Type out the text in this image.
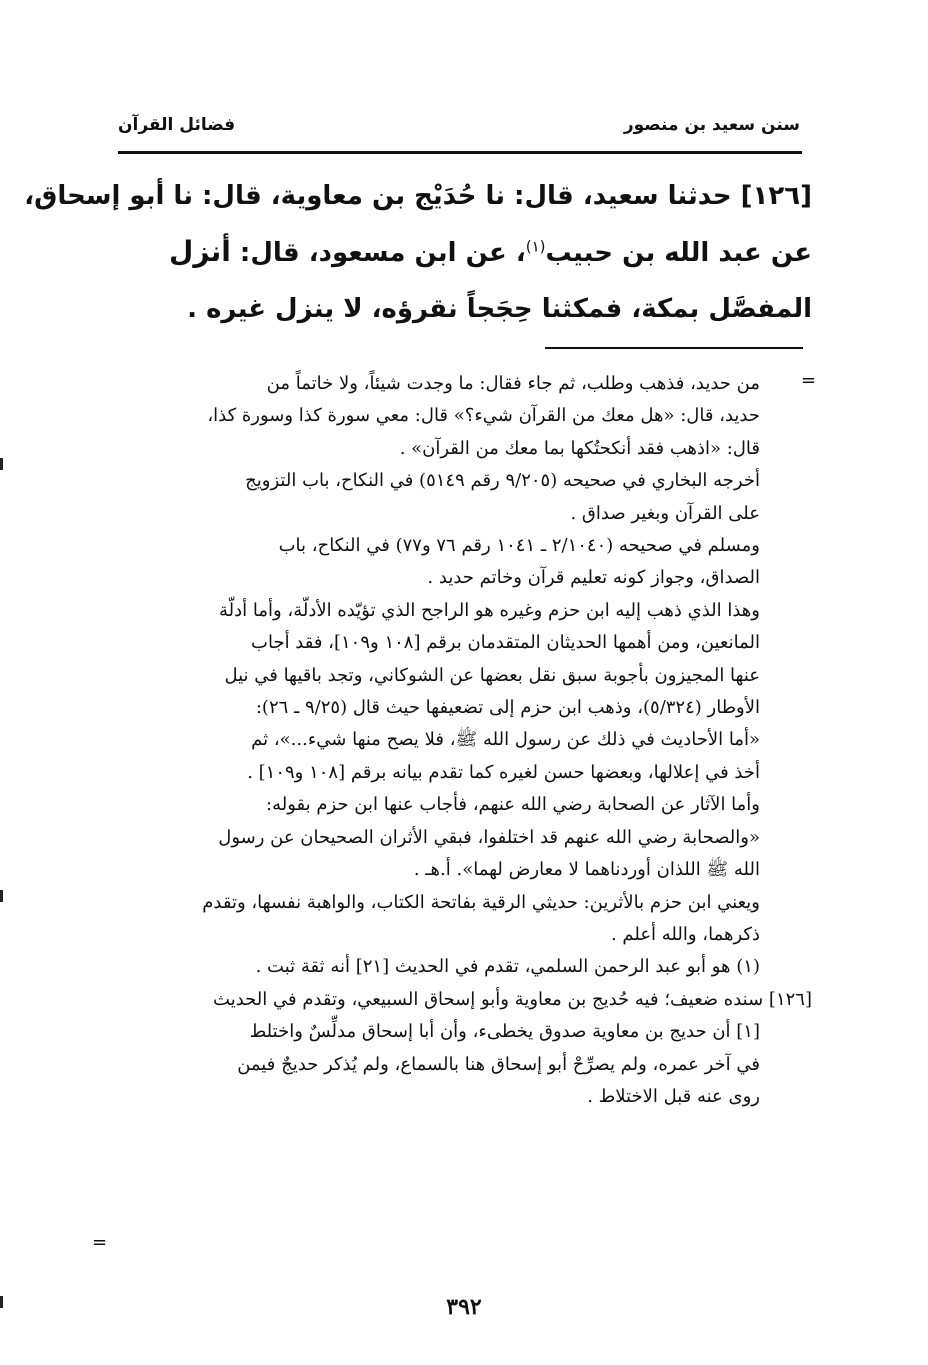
سنن سعيد بن منصور
فضائل القرآن
[١٢٦] حدثنا سعيد، قال: نا حُدَيْج بن معاوية، قال: نا أبو إسحاق،
عن عبد الله بن حبيب$^{(١)}$، عن ابن مسعود، قال: أنزل
المفصَّل بمكة، فمكثنا حِجَجاً نقرؤه، لا ينزل غيره .
=
من حديد، فذهب وطلب، ثم جاء فقال: ما وجدت شيئاً، ولا خاتماً من
حديد، قال: «هل معك من القرآن شيء؟» قال: معي سورة كذا وسورة كذا،
قال: «اذهب فقد أنكحتُكها بما معك من القرآن» .
أخرجه البخاري في صحيحه (٩/٢٠٥ رقم ٥١٤٩) في النكاح، باب التزويج
على القرآن وبغير صداق .
ومسلم في صحيحه (٢/١٠٤٠ ـ ١٠٤١ رقم ٧٦ و٧٧) في النكاح، باب
الصداق، وجواز كونه تعليم قرآن وخاتم حديد .
وهذا الذي ذهب إليه ابن حزم وغيره هو الراجح الذي تؤيّده الأدلّة، وأما أدلّة
المانعين، ومن أهمها الحديثان المتقدمان برقم [١٠٨ و١٠٩]، فقد أجاب
عنها المجيزون بأجوبة سبق نقل بعضها عن الشوكاني، وتجد باقيها في نيل
الأوطار (٥/٣٢٤)، وذهب ابن حزم إلى تضعيفها حيث قال (٩/٢٥ ـ ٢٦):
«أما الأحاديث في ذلك عن رسول الله ﷺ، فلا يصح منها شيء...»، ثم
أخذ في إعلالها، وبعضها حسن لغيره كما تقدم بيانه برقم [١٠٨ و١٠٩] .
وأما الآثار عن الصحابة رضي الله عنهم، فأجاب عنها ابن حزم بقوله:
«والصحابة رضي الله عنهم قد اختلفوا، فبقي الأثران الصحيحان عن رسول
الله ﷺ اللذان أوردناهما لا معارض لهما». أ.هـ .
ويعني ابن حزم بالأثرين: حديثي الرقية بفاتحة الكتاب، والواهبة نفسها، وتقدم
ذكرهما، والله أعلم .
(١) هو أبو عبد الرحمن السلمي، تقدم في الحديث [٢١] أنه ثقة ثبت .
[١٢٦] سنده ضعيف؛ فيه حُديج بن معاوية وأبو إسحاق السبيعي، وتقدم في الحديث
[١] أن حديج بن معاوية صدوق يخطىء، وأن أبا إسحاق مدلِّسٌ واختلط
في آخر عمره، ولم يصرِّحْ أبو إسحاق هنا بالسماع، ولم يُذكر حديجٌ فيمن
روى عنه قبل الاختلاط .
=
٣٩٢
